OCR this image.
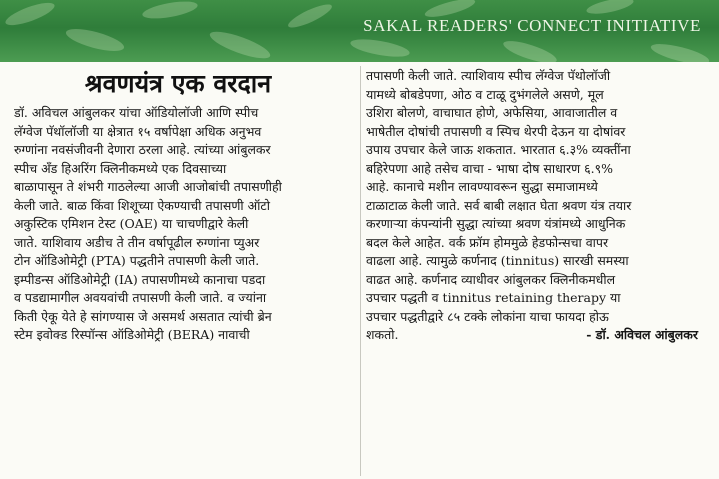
SAKAL READERS' CONNECT INITIATIVE
श्रवणयंत्र एक वरदान

डॉ. अविचल आंबुलकर यांचा ऑडियोलॉजी आणि स्पीच
लॅग्वेज पॅथॉलॉजी या क्षेत्रात १५ वर्षापेक्षा अधिक अनुभव
रुग्णांना नवसंजीवनी देणारा ठरला आहे. त्यांच्या आंबुलकर
स्पीच अँड हिअरिंग क्लिनीकमध्ये एक दिवसाच्या
बाळापासून ते शंभरी गाठलेल्या आजी आजोबांची तपासणीही
केली जाते. बाळ किंवा शिशूच्या ऐकण्याची तपासणी ऑटो
अकुस्टिक एमिशन टेस्ट (OAE) या चाचणीद्वारे केली
जाते. याशिवाय अडीच ते तीन वर्षापूढील रुग्णांना प्युअर
टोन ऑडिओमेट्री (PTA) पद्धतीने तपासणी केली जाते.
इम्पीडन्स ऑडिओमेट्री (IA) तपासणीमध्ये कानाचा पडदा
व पडद्यामागील अवयवांची तपासणी केली जाते. व ज्यांना
किती ऐकू येते हे सांगण्यास जे असमर्थ असतात त्यांची ब्रेन
स्टेम इवोक्ड रिस्पॉन्स ऑडिओमेट्री (BERA) नावाची

तपासणी केली जाते. त्याशिवाय स्पीच लॅग्वेज पॅथोलॉजी
यामध्ये बोबडेपणा, ओठ व टाळू दुभंगलेले असणे, मूल
उशिरा बोलणे, वाचाघात होणे, अफेसिया, आवाजातील व
भाषेतील दोषांची तपासणी व स्पिच थेरपी देऊन या दोषांवर
उपाय उपचार केले जाऊ शकतात. भारतात ६.३% व्यक्तींना
बहिरेपणा आहे तसेच वाचा - भाषा दोष साधारण ६.९%
आहे. कानाचे मशीन लावण्यावरून सुद्धा समाजामध्ये
टाळाटाळ केली जाते. सर्व बाबी लक्षात घेता श्रवण यंत्र तयार
करणाऱ्या कंपन्यांनी सुद्धा त्यांच्या श्रवण यंत्रांमध्ये आधुनिक
बदल केले आहेत. वर्क फ्रॉम होममुळे हेडफोन्सचा वापर
वाढला आहे. त्यामुळे कर्णनाद (tinnitus) सारखी समस्या
वाढत आहे. कर्णनाद व्याधीवर आंबुलकर क्लिनीकमधील
उपचार पद्धती व tinnitus retaining therapy या
उपचार पद्धतीद्वारे ८५ टक्के लोकांना याचा फायदा होऊ

शकतो.	- डॉ. अविचल आंबुलकर
